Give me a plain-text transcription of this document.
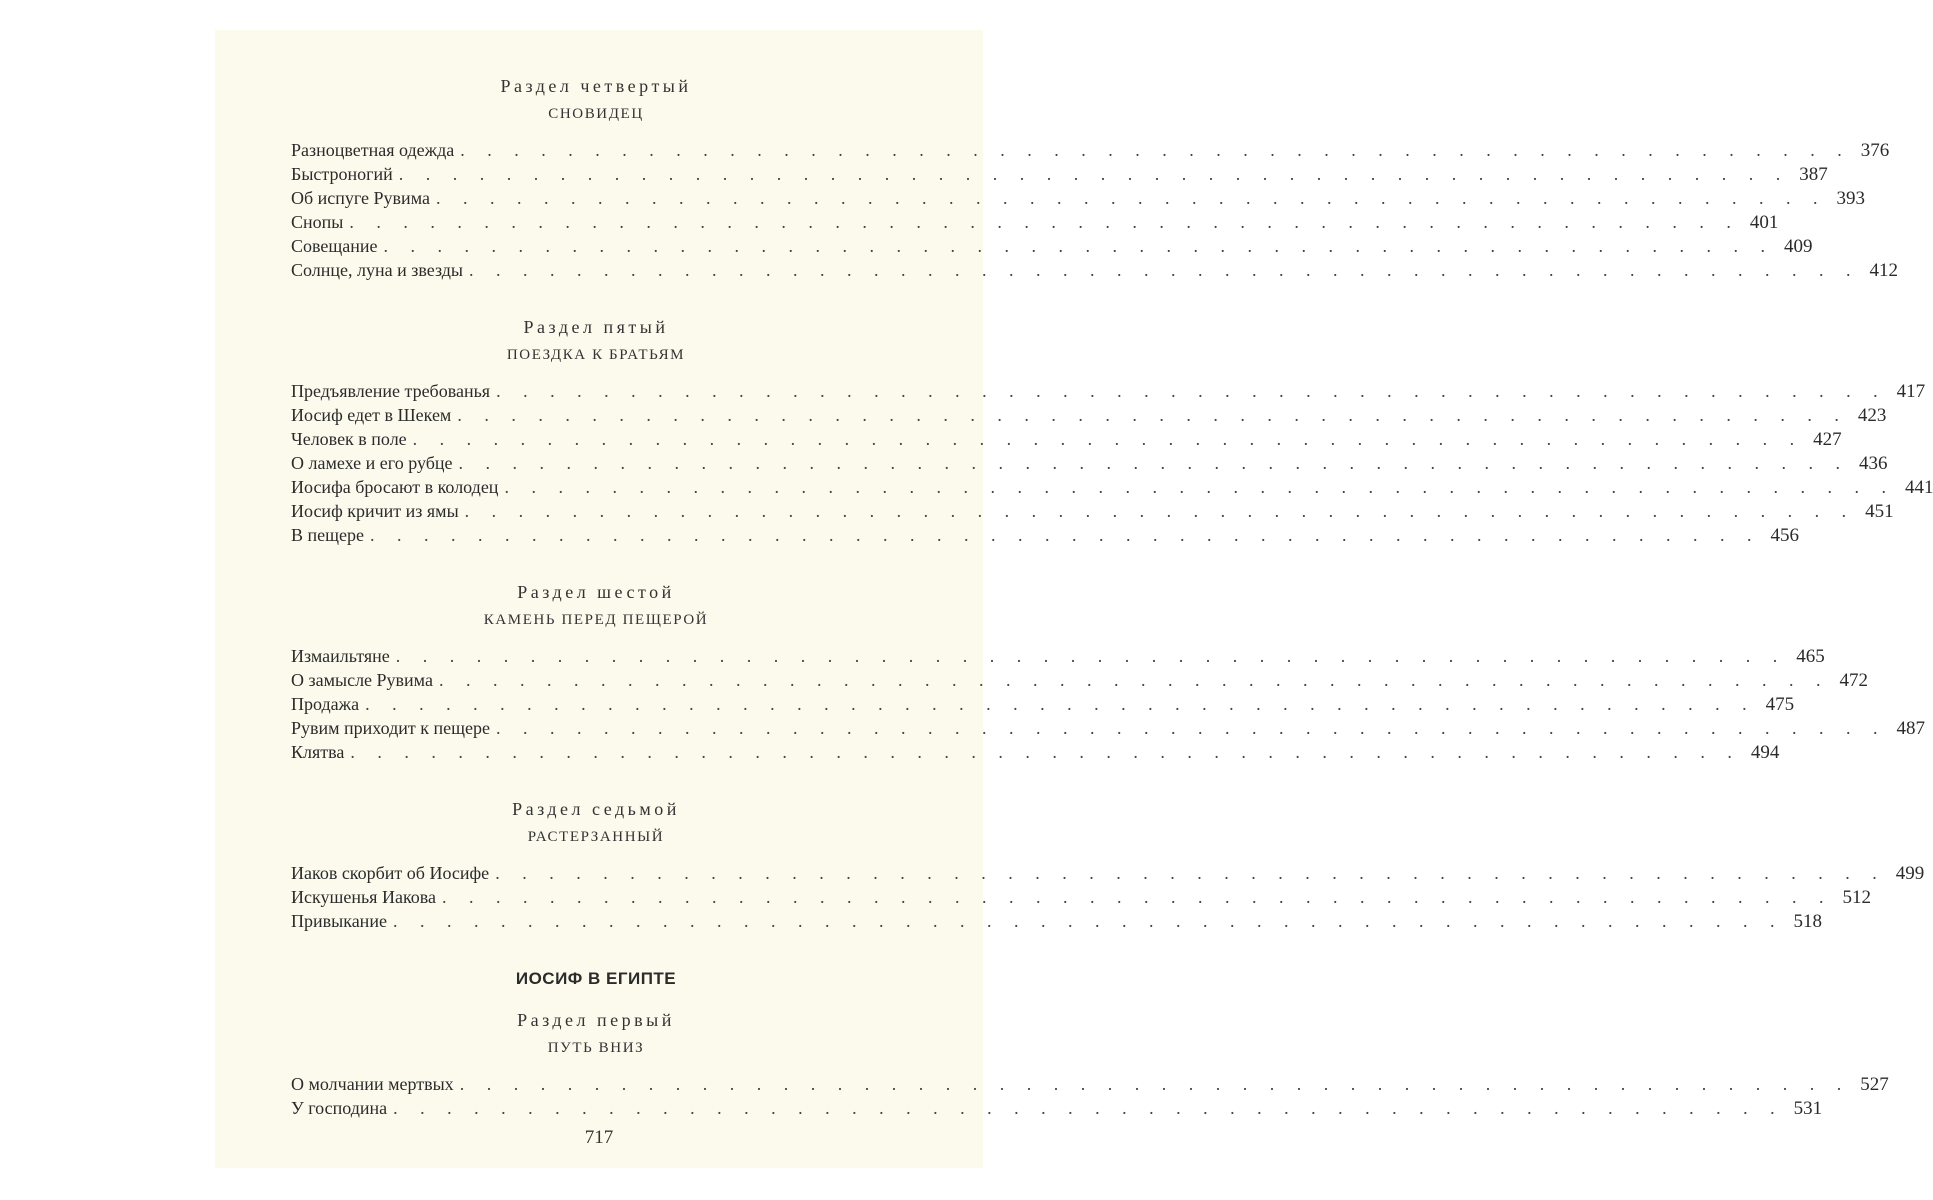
Раздел четвертый
СНОВИДЕЦ
Разноцветная одежда . . . . . . . . . . . . . . . . . . . . . . . . . . . . . . . . . . . . . . . . . . . . . . . . . . . . 376
Быстроногий . . . . . . . . . . . . . . . . . . . . . . . . . . . . . . . . . . . . . . . . . . . . . . . . . . . . 387
Об испуге Рувима . . . . . . . . . . . . . . . . . . . . . . . . . . . . . . . . . . . . . . . . . . . . . . . . . . . . 393
Снопы . . . . . . . . . . . . . . . . . . . . . . . . . . . . . . . . . . . . . . . . . . . . . . . . . . . . 401
Совещание . . . . . . . . . . . . . . . . . . . . . . . . . . . . . . . . . . . . . . . . . . . . . . . . . . . . 409
Солнце, луна и звезды . . . . . . . . . . . . . . . . . . . . . . . . . . . . . . . . . . . . . . . . . . . . . . . . . . . . 412
Раздел пятый
ПОЕЗДКА К БРАТЬЯМ
Предъявление требованья . . . . . . . . . . . . . . . . . . . . . . . . . . . . . . . . . . . . . . . . . . . . . . . . . . . . 417
Иосиф едет в Шекем . . . . . . . . . . . . . . . . . . . . . . . . . . . . . . . . . . . . . . . . . . . . . . . . . . . . 423
Человек в поле . . . . . . . . . . . . . . . . . . . . . . . . . . . . . . . . . . . . . . . . . . . . . . . . . . . . 427
О ламехе и его рубце . . . . . . . . . . . . . . . . . . . . . . . . . . . . . . . . . . . . . . . . . . . . . . . . . . . . 436
Иосифа бросают в колодец . . . . . . . . . . . . . . . . . . . . . . . . . . . . . . . . . . . . . . . . . . . . . . . . . . . . 441
Иосиф кричит из ямы . . . . . . . . . . . . . . . . . . . . . . . . . . . . . . . . . . . . . . . . . . . . . . . . . . . . 451
В пещере . . . . . . . . . . . . . . . . . . . . . . . . . . . . . . . . . . . . . . . . . . . . . . . . . . . . 456
Раздел шестой
КАМЕНЬ ПЕРЕД ПЕЩЕРОЙ
Измаильтяне . . . . . . . . . . . . . . . . . . . . . . . . . . . . . . . . . . . . . . . . . . . . . . . . . . . . 465
О замысле Рувима . . . . . . . . . . . . . . . . . . . . . . . . . . . . . . . . . . . . . . . . . . . . . . . . . . . . 472
Продажа . . . . . . . . . . . . . . . . . . . . . . . . . . . . . . . . . . . . . . . . . . . . . . . . . . . . 475
Рувим приходит к пещере . . . . . . . . . . . . . . . . . . . . . . . . . . . . . . . . . . . . . . . . . . . . . . . . . . . . 487
Клятва . . . . . . . . . . . . . . . . . . . . . . . . . . . . . . . . . . . . . . . . . . . . . . . . . . . . 494
Раздел седьмой
РАСТЕРЗАННЫЙ
Иаков скорбит об Иосифе . . . . . . . . . . . . . . . . . . . . . . . . . . . . . . . . . . . . . . . . . . . . . . . . . . . . 499
Искушенья Иакова . . . . . . . . . . . . . . . . . . . . . . . . . . . . . . . . . . . . . . . . . . . . . . . . . . . . 512
Привыкание . . . . . . . . . . . . . . . . . . . . . . . . . . . . . . . . . . . . . . . . . . . . . . . . . . . . 518
ИОСИФ В ЕГИПТЕ
Раздел первый
ПУТЬ ВНИЗ
О молчании мертвых . . . . . . . . . . . . . . . . . . . . . . . . . . . . . . . . . . . . . . . . . . . . . . . . . . . . 527
У господина . . . . . . . . . . . . . . . . . . . . . . . . . . . . . . . . . . . . . . . . . . . . . . . . . . . . 531
717
